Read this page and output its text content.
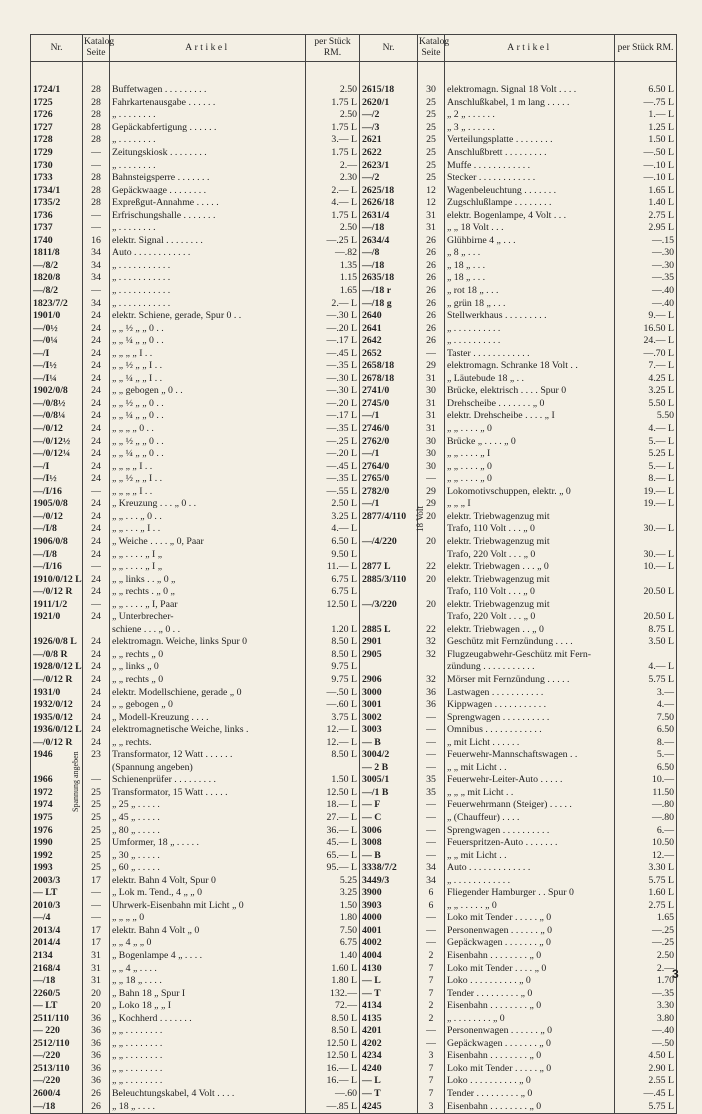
Nr.	Katalog Seite	Artikel	per Stück RM.	Nr.	Katalog Seite	Artikel	per Stück RM.

1724/1	28	Buffetwagen . . . . . . . . .	2.50	2615/18	30	elektromagn. Signal 18 Volt . . . .	6.50 L
1725	28	Fahrkartenausgabe . . . . . .	1.75 L	2620/1	25	Anschlußkabel, 1 m lang . . . . .	—.75 L
1726	28	„ . . . . . . . .	2.50	—/2	25	„ 2 „ . . . . . .	1.— L
1727	28	Gepäckabfertigung . . . . . .	1.75 L	—/3	25	„ 3 „ . . . . . .	1.25 L
1728	28	„ . . . . . . . .	3.— L	2621	25	Verteilungsplatte . . . . . . . .	1.50 L
1729	—	Zeitungskiosk . . . . . . . .	1.75 L	2622	25	Anschlußbrett . . . . . . . . .	—.50 L
1730	—	„ . . . . . . . .	2.—	2623/1	25	Muffe . . . . . . . . . . . .	—.10 L
1733	28	Bahnsteigsperre . . . . . . .	2.30	—/2	25	Stecker . . . . . . . . . . . .	—.10 L
1734/1	28	Gepäckwaage . . . . . . . .	2.— L	2625/18	12	Wagenbeleuchtung . . . . . . .	1.65 L
1735/2	28	Expreßgut-Annahme . . . . .	4.— L	2626/18	12	Zugschlußlampe . . . . . . . .	1.40 L
1736	—	Erfrischungshalle . . . . . . .	1.75 L	2631/4	31	elektr. Bogenlampe, 4 Volt . . .	2.75 L
1737	—	„ . . . . . . . .	2.50	—/18	31	„ „ 18 Volt . . .	2.95 L
1740	16	elektr. Signal . . . . . . . .	—.25 L	2634/4	26	Glühbirne 4 „ . . .	—.15
1811/8	34	Auto . . . . . . . . . . . .	—.82	—/8	26	„ 8 „ . . .	—.30
—/8/2	34	„ . . . . . . . . . . .	1.35	—/18	26	„ 18 „ . . .	—.30
1820/8	34	„ . . . . . . . . . . .	1.15	2635/18	26	„ 18 „ . . .	—.35
—/8/2	—	„ . . . . . . . . . . .	1.65	—/18 r	26	„ rot 18 „ . . .	—.40
1823/7/2	34	„ . . . . . . . . . . .	2.— L	—/18 g	26	„ grün 18 „ . . .	—.40
1901/0	24	elektr. Schiene, gerade, Spur 0 . .	—.30 L	2640	26	Stellwerkhaus . . . . . . . . .	9.— L
—/0½	24	„ „ ½ „ „ 0 . .	—.20 L	2641	26	„ . . . . . . . . . .	16.50 L
—/0¼	24	„ „ ¼ „ „ 0 . .	—.17 L	2642	26	„ . . . . . . . . . .	24.— L
—/I	24	„ „ „ „ I . .	—.45 L	2652	—	Taster . . . . . . . . . . . .	—.70 L
—/I½	24	„ „ ½ „ „ I . .	—.35 L	2658/18	29	elektromagn. Schranke 18 Volt . .	7.— L
—/I¼	24	„ „ ¼ „ „ I . .	—.30 L	2678/18	31	„ Läutebude 18 „ . .	4.25 L
1902/0/8	24	„ „ gebogen „ 0 . .	—.30 L	2741/0	30	Brücke, elektrisch . . . . Spur 0	3.25 L
—/0/8½	24	„ „ ½ „ „ 0 . .	—.20 L	2745/0	31	Drehscheibe . . . . . . . „ 0	5.50 L
—/0/8¼	24	„ „ ¼ „ „ 0 . .	—.17 L	—/1	31	elektr. Drehscheibe . . . . „ I	5.50
—/0/12	24	„ „ „ „ 0 . .	—.35 L	2746/0	31	„ „ . . . . „ 0	4.— L
—/0/12½	24	„ „ ½ „ „ 0 . .	—.25 L	2762/0	30	Brücke „ . . . . „ 0	5.— L
—/0/12¼	24	„ „ ¼ „ „ 0 . .	—.20 L	—/1	30	„ „ . . . . „ I	5.25 L
—/I	24	„ „ „ „ I . .	—.45 L	2764/0	30	„ „ . . . . „ 0	5.— L
—/I½	24	„ „ ½ „ „ I . .	—.35 L	2765/0	—	„ „ . . . . „ 0	8.— L
—/I/16	—	„ „ „ „ I . .	—.55 L	2782/0	29	Lokomotivschuppen, elektr. „ 0	19.— L
1905/0/8	24	„ Kreuzung . . . „ 0 . .	2.50 L	—/1	29	„ „ „ I	19.— L
—/0/12	24	„ „ . . . „ 0 . .	3.25 L	2877/4/110	20	elektr. Triebwagenzug mit	
—/I/8	24	„ „ . . . „ I . .	4.— L			Trafo, 110 Volt . . . „ 0	30.— L
1906/0/8	24	„ Weiche . . . . „ 0, Paar	6.50 L	—/4/220	20	elektr. Triebwagenzug mit	
—/I/8	24	„ „ . . . . „ I „	9.50 L			Trafo, 220 Volt . . . „ 0	30.— L
—/I/16	—	„ „ . . . . „ I „	11.— L	2877 L	22	elektr. Triebwagen . . . „ 0	10.— L
1910/0/12 L	24	„ „ links . . „ 0 „	6.75 L	2885/3/110	20	elektr. Triebwagenzug mit	
—/0/12 R	24	„ „ rechts . „ 0 „	6.75 L			Trafo, 110 Volt . . . „ 0	20.50 L
1911/1/2	—	„ „ . . . . „ I, Paar	12.50 L	—/3/220	20	elektr. Triebwagenzug mit	
1921/0	24	„ Unterbrecher-				Trafo, 220 Volt . . . „ 0	20.50 L
		schiene . . . „ 0 . .	1.20 L	2885 L	22	elektr. Triebwagen . . „ 0	8.75 L
1926/0/8 L	24	elektromagn. Weiche, links Spur 0	8.50 L	2901	32	Geschütz mit Fernzündung . . . .	3.50 L
—/0/8 R	24	„ „ rechts „ 0	8.50 L	2905	32	Flugzeugabwehr-Geschütz mit Fern-	
1928/0/12 L	24	„ „ links „ 0	9.75 L			zündung . . . . . . . . . . .	4.— L
—/0/12 R	24	„ „ rechts „ 0	9.75 L	2906	32	Mörser mit Fernzündung . . . . .	5.75 L
1931/0	24	elektr. Modellschiene, gerade „ 0	—.50 L	3000	36	Lastwagen . . . . . . . . . . .	3.—
1932/0/12	24	„ „ gebogen „ 0	—.60 L	3001	36	Kippwagen . . . . . . . . . . .	4.—
1935/0/12	24	„ Modell-Kreuzung . . . .	3.75 L	3002	—	Sprengwagen . . . . . . . . . .	7.50
1936/0/12 L	24	elektromagnetische Weiche, links .	12.— L	3003	—	Omnibus . . . . . . . . . . . .	6.50
—/0/12 R	24	„ „ rechts.	12.— L	— B	—	„ mit Licht . . . . . .	8.—
1946	23	Transformator, 12 Watt . . . . . .	8.50 L	3004/2	—	Feuerwehr-Mannschaftswagen . .	5.—
		(Spannung angeben)		— 2 B	—	„ „ mit Licht . .	6.50
1966	—	Schienenprüfer . . . . . . . . .	1.50 L	3005/1	35	Feuerwehr-Leiter-Auto . . . . .	10.—
1972	25	Transformator, 15 Watt . . . . .	12.50 L	—/1 B	35	„ „ „ mit Licht . .	11.50
1974	25	„ 25 „ . . . . .	18.— L	— F	—	Feuerwehrmann (Steiger) . . . . .	—.80
1975	25	„ 45 „ . . . . .	27.— L	— C	—	„ (Chauffeur) . . . .	—.80
1976	25	„ 80 „ . . . . .	36.— L	3006	—	Sprengwagen . . . . . . . . . .	6.—
1990	25	Umformer, 18 „ . . . . .	45.— L	3008	—	Feuerspritzen-Auto . . . . . . .	10.50
1992	25	„ 30 „ . . . . .	65.— L	— B	—	„ „ mit Licht . .	12.—
1993	25	„ 60 „ . . . . .	95.— L	3338/7/2	34	Auto . . . . . . . . . . . . .	3.30 L
2003/3	17	elektr. Bahn 4 Volt, Spur 0	5.25	3449/3	34	„ . . . . . . . . . . . .	5.75 L
— LT	—	„ Lok m. Tend., 4 „ „ 0	3.25	3900	6	Fliegender Hamburger . . Spur 0	1.60 L
2010/3	—	Uhrwerk-Eisenbahn mit Licht „ 0	1.50	3903	6	„ „ . . . . . „ 0	2.75 L
—/4	—	„ „ „ „ 0	1.80	4000	—	Loko mit Tender . . . . . „ 0	1.65
2013/4	17	elektr. Bahn 4 Volt „ 0	7.50	4001	—	Personenwagen . . . . . . „ 0	—.25
2014/4	17	„ „ 4 „ „ 0	6.75	4002	—	Gepäckwagen . . . . . . . „ 0	—.25
2134	31	„ Bogenlampe 4 „ . . . .	1.40	4004	2	Eisenbahn . . . . . . . . „ 0	2.50
2168/4	31	„ „ 4 „ . . . .	1.60 L	4130	7	Loko mit Tender . . . . „ 0	2.—
—/18	31	„ „ 18 „ . . . .	1.80 L	— L	7	Loko . . . . . . . . . . „ 0	1.70
2260/5	20	„ Bahn 18 „ Spur I	132.—	— T	7	Tender . . . . . . . . . „ 0	—.35
— LT	20	„ Loko 18 „ „ I	72.—	4134	2	Eisenbahn . . . . . . . . „ 0	3.30
2511/110	36	„ Kochherd . . . . . . .	8.50 L	4135	2	„ . . . . . . . . „ 0	3.80
— 220	36	„ „ . . . . . . . .	8.50 L	4201	—	Personenwagen . . . . . . „ 0	—.40
2512/110	36	„ „ . . . . . . . .	12.50 L	4202	—	Gepäckwagen . . . . . . . „ 0	—.50
—/220	36	„ „ . . . . . . . .	12.50 L	4234	3	Eisenbahn . . . . . . . . „ 0	4.50 L
2513/110	36	„ „ . . . . . . . .	16.— L	4240	7	Loko mit Tender . . . . . „ 0	2.90 L
—/220	36	„ „ . . . . . . . .	16.— L	— L	7	Loko . . . . . . . . . . „ 0	2.55 L
2600/4	26	Beleuchtungskabel, 4 Volt . . . .	—.60	— T	7	Tender . . . . . . . . . „ 0	—.45 L
—/18	26	„ 18 „ . . . .	—.85 L	4245	3	Eisenbahn . . . . . . . . „ 0	5.75 L
Spannung angeben
18 Volt
3
